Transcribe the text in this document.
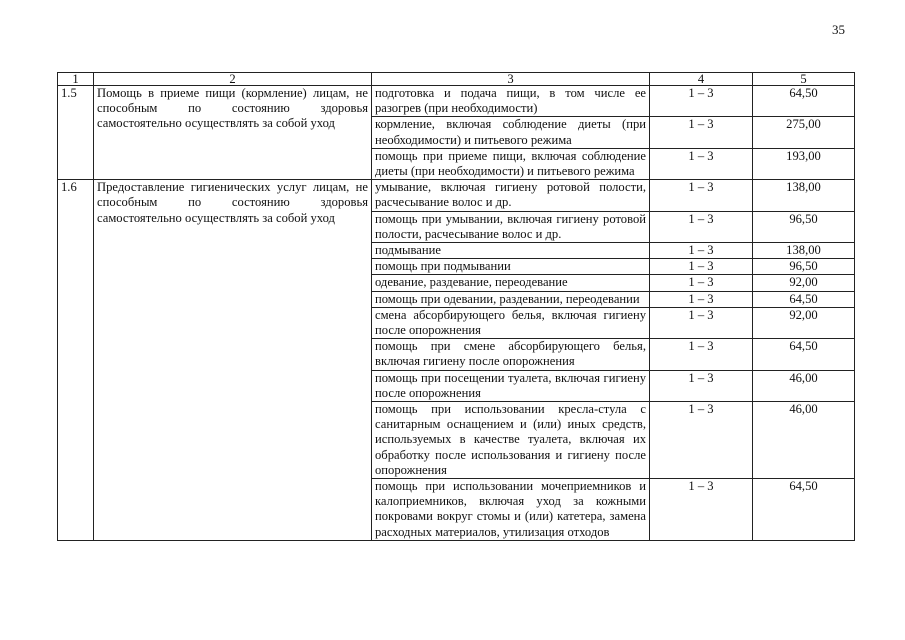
35
1	2	3	4	5
1.5	Помощь в приеме пищи (кормление) лицам, не способным по состоянию здоровья самостоятельно осуществлять за собой уход	подготовка и подача пищи, в том числе ее разогрев (при необходимости)	1 – 3	64,50
		кормление, включая соблюдение диеты (при необходимости) и питьевого режима	1 – 3	275,00
		помощь при приеме пищи, включая соблюдение диеты (при необходимости) и питьевого режима	1 – 3	193,00
1.6	Предоставление гигиенических услуг лицам, не способным по состоянию здоровья самостоятельно осуществлять за собой уход	умывание, включая гигиену ротовой полости, расчесывание волос и др.	1 – 3	138,00
		помощь при умывании, включая гигиену ротовой полости, расчесывание волос и др.	1 – 3	96,50
		подмывание	1 – 3	138,00
		помощь при подмывании	1 – 3	96,50
		одевание, раздевание, переодевание	1 – 3	92,00
		помощь при одевании, раздевании, переодевании	1 – 3	64,50
		смена абсорбирующего белья, включая гигиену после опорожнения	1 – 3	92,00
		помощь при смене абсорбирующего белья, включая гигиену после опорожнения	1 – 3	64,50
		помощь при посещении туалета, включая гигиену после опорожнения	1 – 3	46,00
		помощь при использовании кресла-стула с санитарным оснащением и (или) иных средств, используемых в качестве туалета, включая их обработку после использования и гигиену после опорожнения	1 – 3	46,00
		помощь при использовании мочеприемников и калоприемников, включая уход за кожными покровами вокруг стомы и (или) катетера, замена расходных материалов, утилизация отходов	1 – 3	64,50
